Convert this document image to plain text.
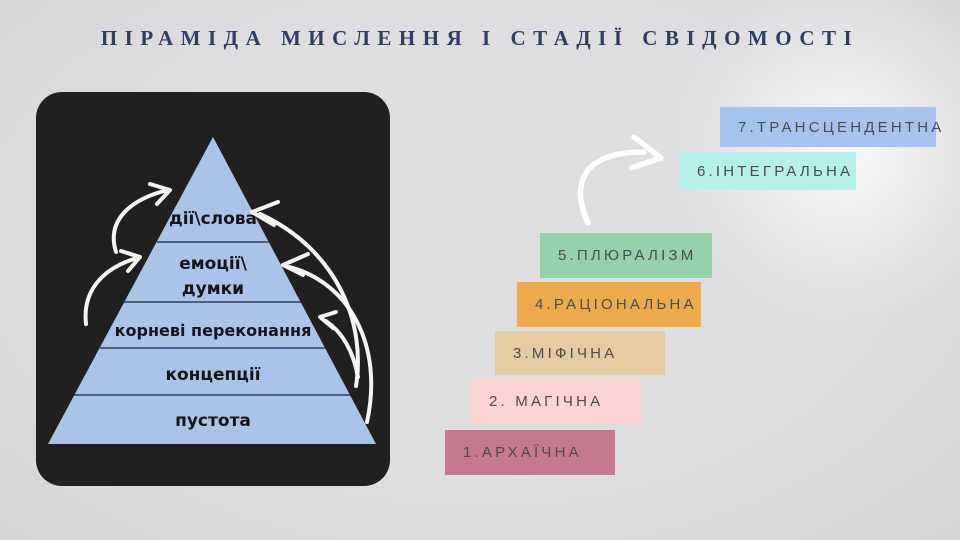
ПІРАМІДА МИСЛЕННЯ І СТАДІЇ СВІДОМОСТІ
дії\слова
емоції\
думки
корневі переконання
концепції
пустота
1.АРХАЇЧНА
2. МАГІЧНА
3.МІФІЧНА
4.РАЦІОНАЛЬНА
5.ПЛЮРАЛІЗМ
6.ІНТЕГРАЛЬНА
7.ТРАНСЦЕНДЕНТНА
